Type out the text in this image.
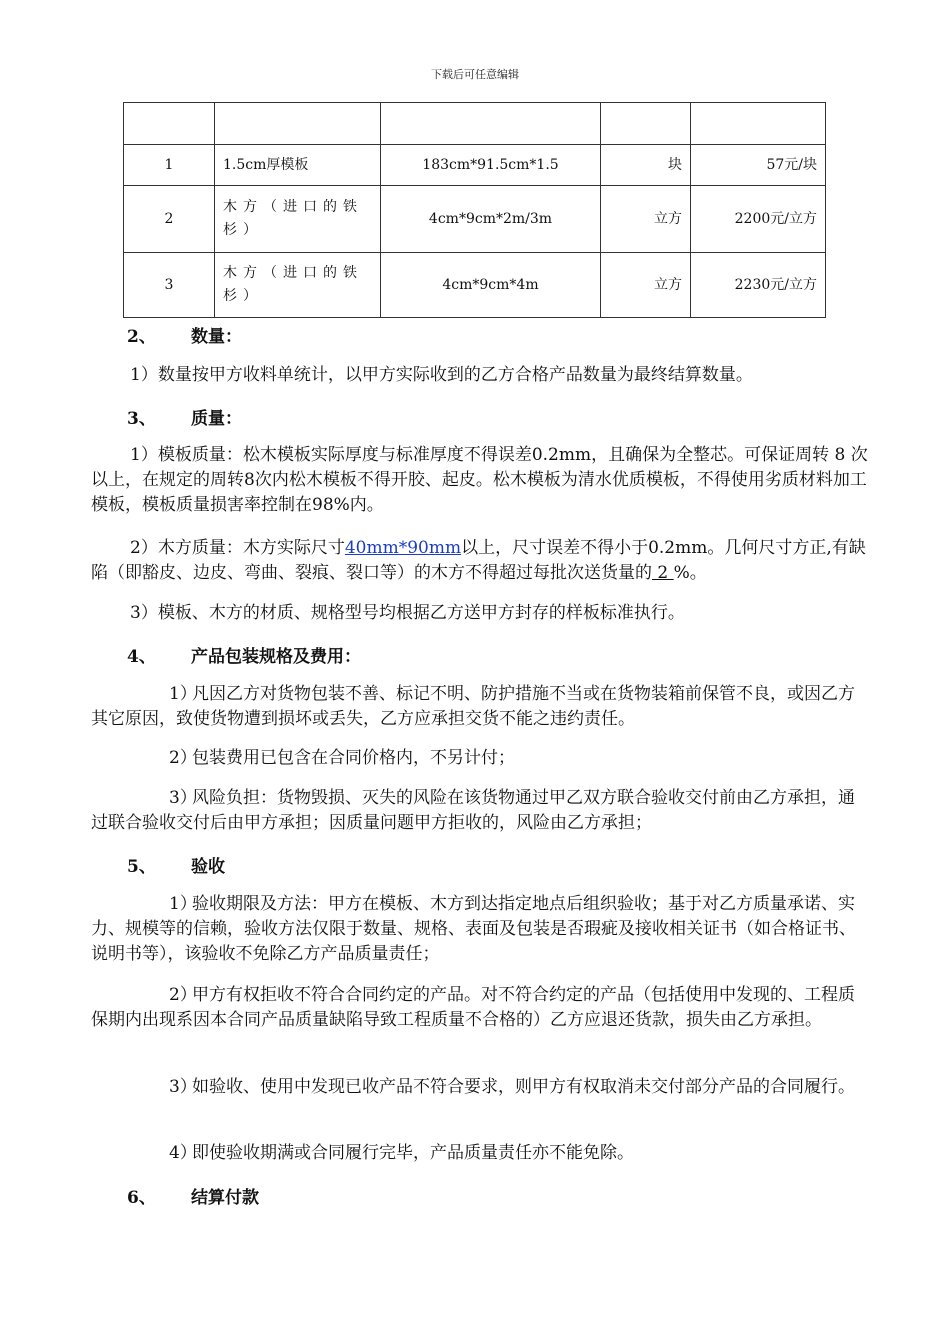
下载后可任意编辑

1	1.5cm厚模板	183cm*91.5cm*1.5	块	57元/块
2	木方（进口的铁杉）	4cm*9cm*2m/3m	立方	2200元/立方
3	木方（进口的铁杉）	4cm*9cm*4m	立方	2230元/立方
2、 数量：
1）数量按甲方收料单统计，以甲方实际收到的乙方合格产品数量为最终结算数量。
3、 质量：
1）模板质量：松木模板实际厚度与标准厚度不得误差0.2mm，且确保为全整芯。可保证周转 8 次以上，在规定的周转8次内松木模板不得开胶、起皮。松木模板为清水优质模板，不得使用劣质材料加工模板，模板质量损害率控制在98%内。
2）木方质量：木方实际尺寸40mm*90mm以上，尺寸误差不得小于0.2mm。几何尺寸方正,有缺陷（即豁皮、边皮、弯曲、裂痕、裂口等）的木方不得超过每批次送货量的 2 %。
3）模板、木方的材质、规格型号均根据乙方送甲方封存的样板标准执行。
4、 产品包装规格及费用：
1）凡因乙方对货物包装不善、标记不明、防护措施不当或在货物装箱前保管不良，或因乙方其它原因，致使货物遭到损坏或丢失，乙方应承担交货不能之违约责任。
2）包装费用已包含在合同价格内，不另计付；
3）风险负担：货物毁损、灭失的风险在该货物通过甲乙双方联合验收交付前由乙方承担，通过联合验收交付后由甲方承担；因质量问题甲方拒收的，风险由乙方承担；
5、 验收
1）验收期限及方法：甲方在模板、木方到达指定地点后组织验收；基于对乙方质量承诺、实力、规模等的信赖，验收方法仅限于数量、规格、表面及包装是否瑕疵及接收相关证书（如合格证书、说明书等），该验收不免除乙方产品质量责任；
2）甲方有权拒收不符合合同约定的产品。对不符合约定的产品（包括使用中发现的、工程质保期内出现系因本合同产品质量缺陷导致工程质量不合格的）乙方应退还货款，损失由乙方承担。
3）如验收、使用中发现已收产品不符合要求，则甲方有权取消未交付部分产品的合同履行。
4）即使验收期满或合同履行完毕，产品质量责任亦不能免除。
6、 结算付款
